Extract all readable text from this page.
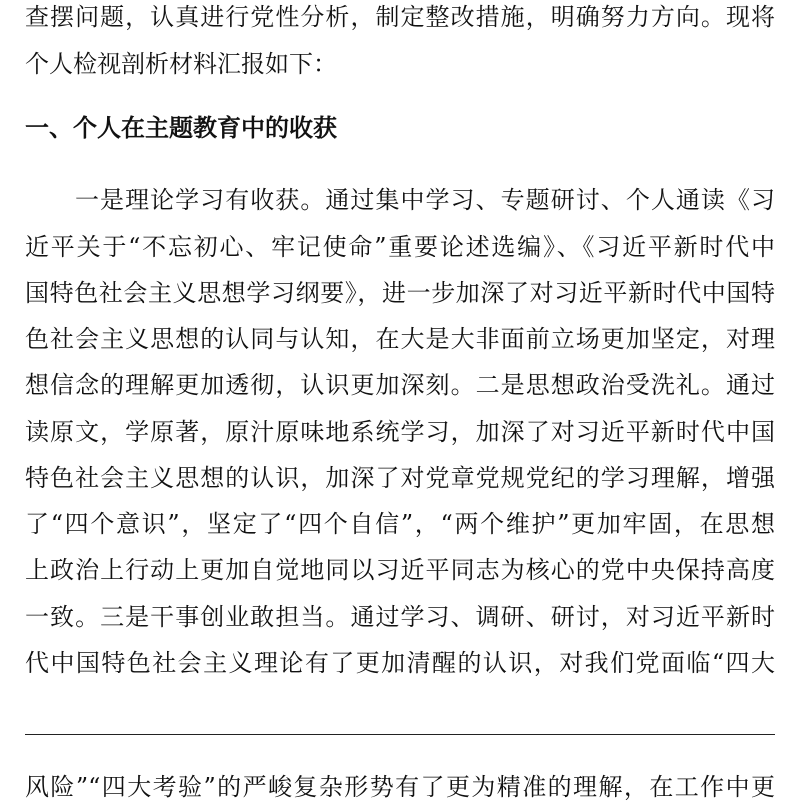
查摆问题，认真进行党性分析，制定整改措施，明确努力方向。现将
个人检视剖析材料汇报如下：
一、个人在主题教育中的收获
一是理论学习有收获。通过集中学习、专题研讨、个人通读《习
近平关于“不忘初心、牢记使命”重要论述选编》、《习近平新时代中
国特色社会主义思想学习纲要》，进一步加深了对习近平新时代中国特
色社会主义思想的认同与认知，在大是大非面前立场更加坚定，对理
想信念的理解更加透彻，认识更加深刻。二是思想政治受洗礼。通过
读原文，学原著，原汁原味地系统学习，加深了对习近平新时代中国
特色社会主义思想的认识，加深了对党章党规党纪的学习理解，增强
了“四个意识”，坚定了“四个自信”，“两个维护”更加牢固，在思想
上政治上行动上更加自觉地同以习近平同志为核心的党中央保持高度
一致。三是干事创业敢担当。通过学习、调研、研讨，对习近平新时
代中国特色社会主义理论有了更加清醒的认识，对我们党面临“四大
风险”“四大考验”的严峻复杂形势有了更为精准的理解，在工作中更
